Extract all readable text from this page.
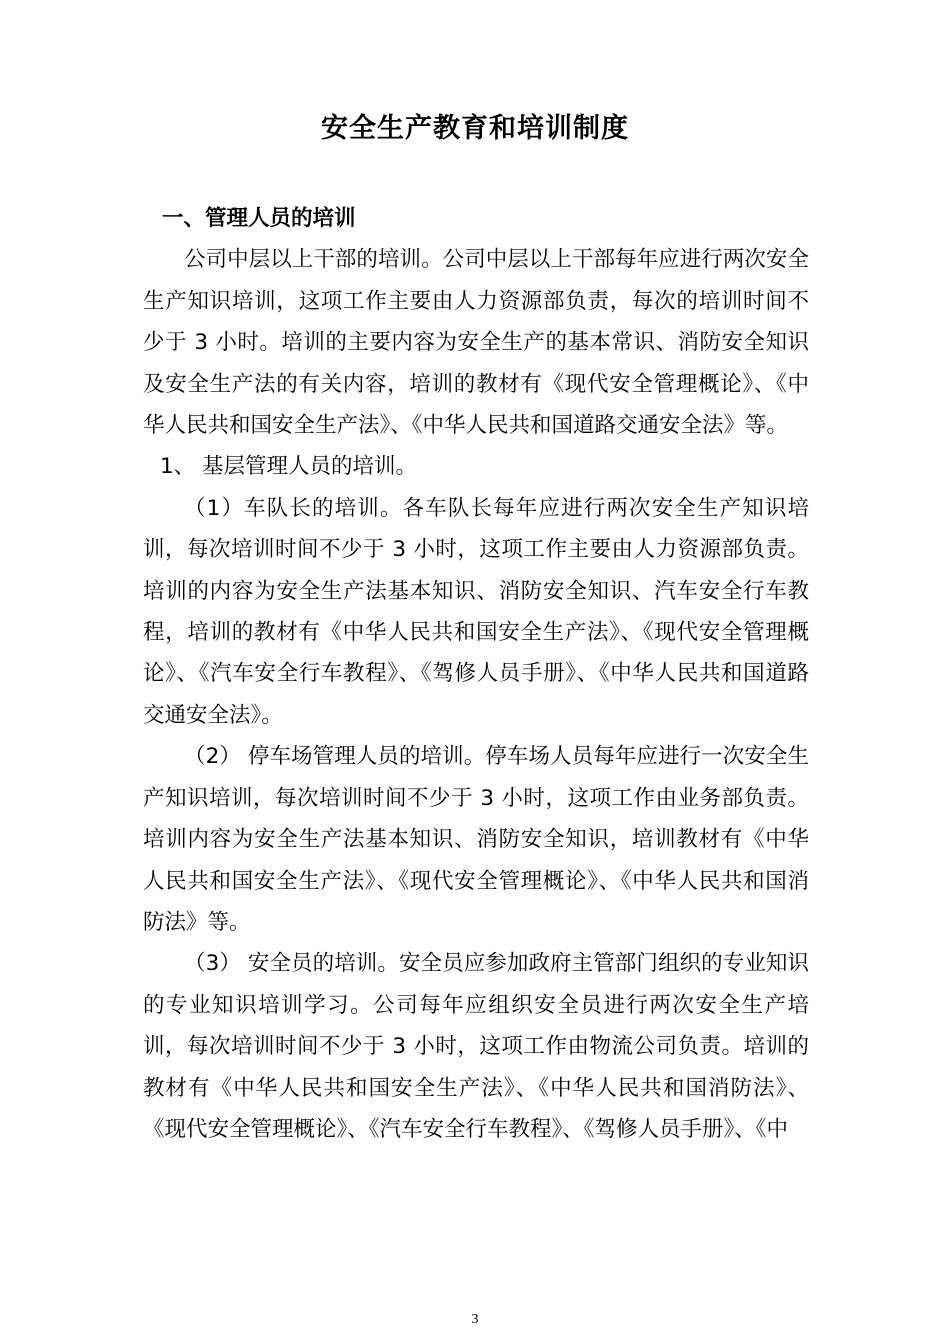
安全生产教育和培训制度

一、管理人员的培训

公司中层以上干部的培训。公司中层以上干部每年应进行两次安全生产知识培训，这项工作主要由人力资源部负责，每次的培训时间不少于 3 小时。培训的主要内容为安全生产的基本常识、消防安全知识及安全生产法的有关内容，培训的教材有《现代安全管理概论》、《中华人民共和国安全生产法》、《中华人民共和国道路交通安全法》等。

1、 基层管理人员的培训。

（1）车队长的培训。各车队长每年应进行两次安全生产知识培训，每次培训时间不少于 3 小时，这项工作主要由人力资源部负责。培训的内容为安全生产法基本知识、消防安全知识、汽车安全行车教程，培训的教材有《中华人民共和国安全生产法》、《现代安全管理概论》、《汽车安全行车教程》、《驾修人员手册》、《中华人民共和国道路交通安全法》。

（2） 停车场管理人员的培训。停车场人员每年应进行一次安全生产知识培训，每次培训时间不少于 3 小时，这项工作由业务部负责。培训内容为安全生产法基本知识、消防安全知识，培训教材有《中华人民共和国安全生产法》、《现代安全管理概论》、《中华人民共和国消防法》等。

（3） 安全员的培训。安全员应参加政府主管部门组织的专业知识的专业知识培训学习。公司每年应组织安全员进行两次安全生产培训，每次培训时间不少于 3 小时，这项工作由物流公司负责。培训的教材有《中华人民共和国安全生产法》、《中华人民共和国消防法》、《现代安全管理概论》、《汽车安全行车教程》、《驾修人员手册》、《中

3
